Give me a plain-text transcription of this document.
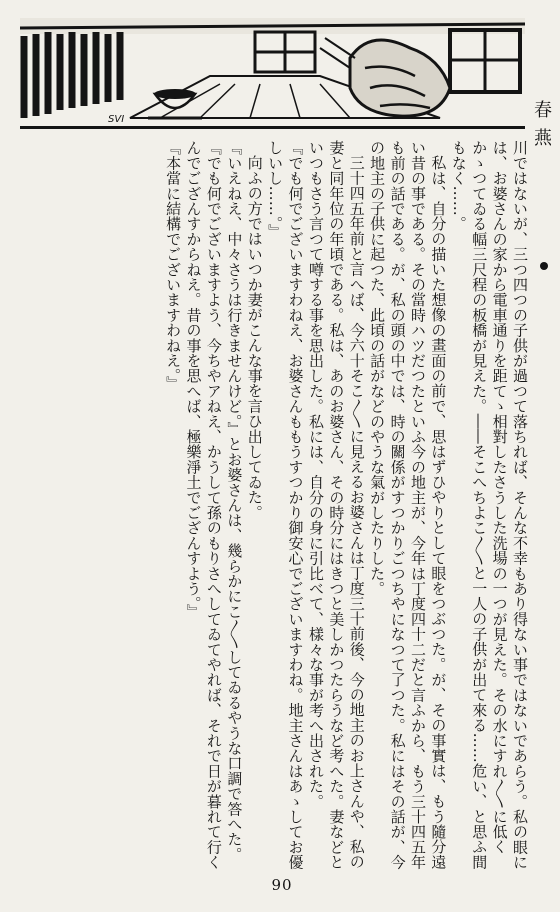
SVI	春燕

川ではないが、三つ四つの子供が過つて落ちれば、そんな不幸もあり得ない事ではないであらう。私の眼には、お婆さんの家から電車通りを距てゝ相對したさうした洗場の一つが見えた。その水にすれ〳〵に低くかゝつてゐる幅三尺程の板橋が見えた。――そこへちよこ〳〵と一人の子供が出て來る……危い、と思ふ間もなく……。

私は、自分の描いた想像の畫面の前で、思はずひやりとして眼をつぶつた。が、その事實は、もう隨分遠い昔の事である。その當時ハツだつたといふ今の地主が、今年は丁度四十二だと言ふから、もう三十四五年も前の話である。が、私の頭の中では、時の關係がすつかりごつちやになつて了つた。私にはその話が、今の地主の子供に起つた、此頃の話がなどのやうな氣がしたりした。

三十四五年前と言へば、今六十そこ〳〵に見えるお婆さんは丁度三十前後、今の地主のお上さんや、私の妻と同年位の年頃である。私は、あのお婆さん、その時分にはきつと美しかつたらうなど考へた。妻などといつもさう言つて噂する事を思出した。私には、自分の身に引比べて、樣々な事が考へ出された。

『でも何でございますわねえ、お婆さんももうすつかり御安心でございますわね。地主さんはあゝしてお優しいし……。』

向ふの方ではいつか妻がこんな事を言ひ出してゐた。

『いえねえ、中々さうは行きませんけど。』とお婆さんは、幾らかにこ〳〵してゐるやうな口調で答へた。『でも何でございますよう、今ちやアねえ、かうして孫のもりさへしてゐてやれば、それで日が暮れて行くんでござんすからねえ。昔の事を思へば、極樂淨土でござんすよう。』

『本當に結構でございますわねえ。』

90
